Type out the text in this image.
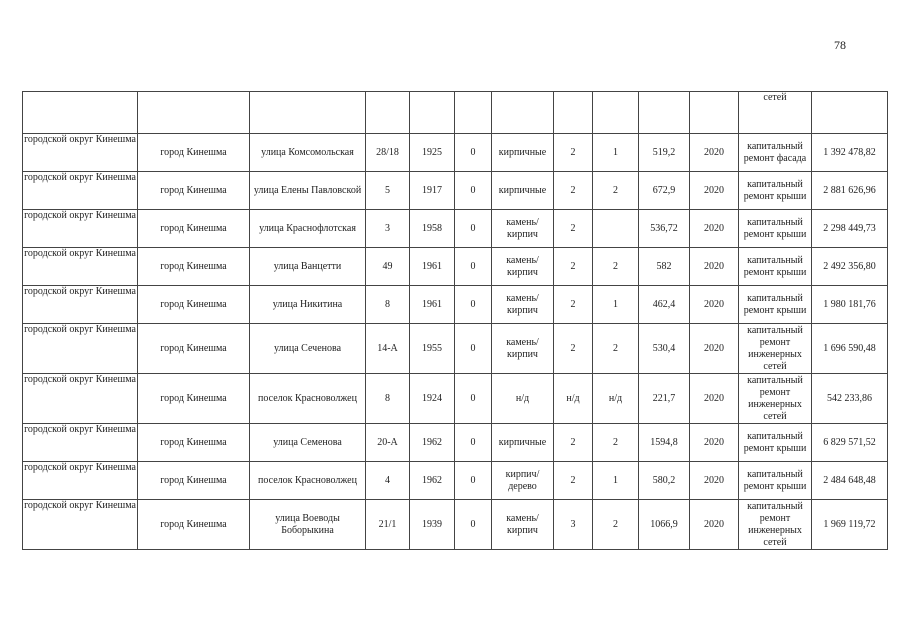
78
											сетей	
городской округ Кинешма	город Кинешма	улица Комсомольская	28/18	1925	0	кирпичные	2	1	519,2	2020	капитальный ремонт фасада	1 392 478,82
городской округ Кинешма	город Кинешма	улица Елены Павловской	5	1917	0	кирпичные	2	2	672,9	2020	капитальный ремонт крыши	2 881 626,96
городской округ Кинешма	город Кинешма	улица Краснофлотская	3	1958	0	камень/кирпич	2		536,72	2020	капитальный ремонт крыши	2 298 449,73
городской округ Кинешма	город Кинешма	улица Ванцетти	49	1961	0	камень/кирпич	2	2	582	2020	капитальный ремонт крыши	2 492 356,80
городской округ Кинешма	город Кинешма	улица Никитина	8	1961	0	камень/кирпич	2	1	462,4	2020	капитальный ремонт крыши	1 980 181,76
городской округ Кинешма	город Кинешма	улица Сеченова	14-А	1955	0	камень/кирпич	2	2	530,4	2020	капитальный ремонт инженерных сетей	1 696 590,48
городской округ Кинешма	город Кинешма	поселок Красноволжец	8	1924	0	н/д	н/д	н/д	221,7	2020	капитальный ремонт инженерных сетей	542 233,86
городской округ Кинешма	город Кинешма	улица Семенова	20-А	1962	0	кирпичные	2	2	1594,8	2020	капитальный ремонт крыши	6 829 571,52
городской округ Кинешма	город Кинешма	поселок Красноволжец	4	1962	0	кирпич/дерево	2	1	580,2	2020	капитальный ремонт крыши	2 484 648,48
городской округ Кинешма	город Кинешма	улица Воеводы Боборыкина	21/1	1939	0	камень/кирпич	3	2	1066,9	2020	капитальный ремонт инженерных сетей	1 969 119,72
